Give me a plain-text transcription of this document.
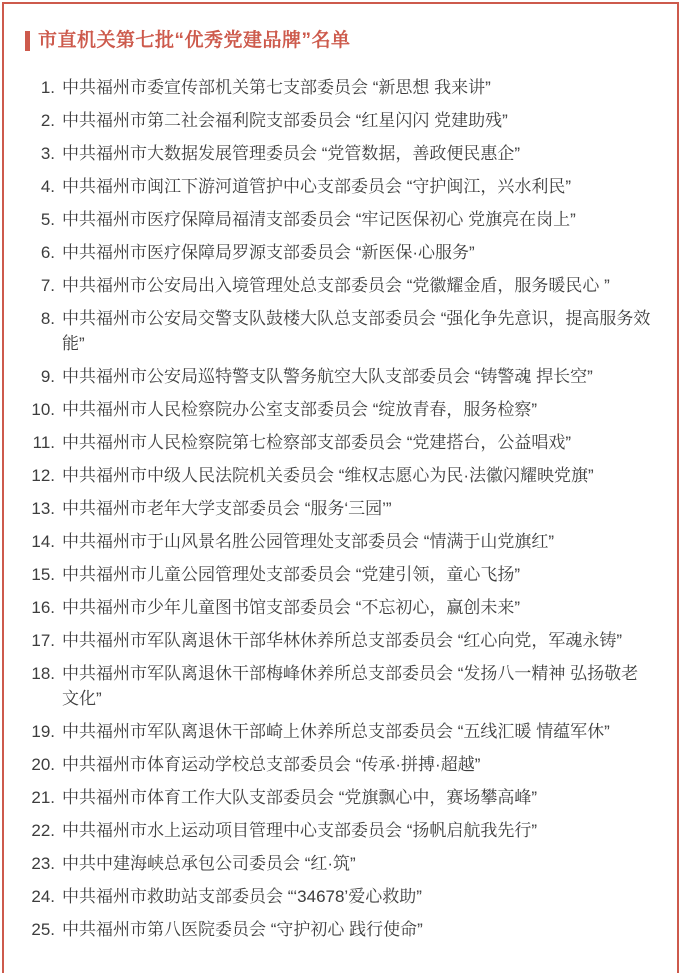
市直机关第七批“优秀党建品牌”名单
1. 中共福州市委宣传部机关第七支部委员会 “新思想 我来讲”
2. 中共福州市第二社会福利院支部委员会 “红星闪闪 党建助残”
3. 中共福州市大数据发展管理委员会 “党管数据，善政便民惠企”
4. 中共福州市闽江下游河道管护中心支部委员会 “守护闽江，兴水利民”
5. 中共福州市医疗保障局福清支部委员会 “牢记医保初心 党旗亮在岗上”
6. 中共福州市医疗保障局罗源支部委员会 “新医保·心服务”
7. 中共福州市公安局出入境管理处总支部委员会 “党徽耀金盾，服务暖民心 ”
8. 中共福州市公安局交警支队鼓楼大队总支部委员会 “强化争先意识，提高服务效能”
9. 中共福州市公安局巡特警支队警务航空大队支部委员会 “铸警魂 捍长空”
10. 中共福州市人民检察院办公室支部委员会 “绽放青春，服务检察”
11. 中共福州市人民检察院第七检察部支部委员会 “党建搭台，公益唱戏”
12. 中共福州市中级人民法院机关委员会 “维权志愿心为民·法徽闪耀映党旗”
13. 中共福州市老年大学支部委员会 “服务‘三园’”
14. 中共福州市于山风景名胜公园管理处支部委员会 “情满于山党旗红”
15. 中共福州市儿童公园管理处支部委员会 “党建引领，童心飞扬”
16. 中共福州市少年儿童图书馆支部委员会 “不忘初心，赢创未来”
17. 中共福州市军队离退休干部华林休养所总支部委员会 “红心向党，军魂永铸”
18. 中共福州市军队离退休干部梅峰休养所总支部委员会 “发扬八一精神 弘扬敬老文化”
19. 中共福州市军队离退休干部崎上休养所总支部委员会 “五线汇暖 情蕴军休”
20. 中共福州市体育运动学校总支部委员会 “传承·拼搏·超越”
21. 中共福州市体育工作大队支部委员会 “党旗飘心中，赛场攀高峰”
22. 中共福州市水上运动项目管理中心支部委员会 “扬帆启航我先行”
23. 中共中建海峡总承包公司委员会 “红·筑”
24. 中共福州市救助站支部委员会 “‘34678’爱心救助”
25. 中共福州市第八医院委员会 “守护初心 践行使命”
